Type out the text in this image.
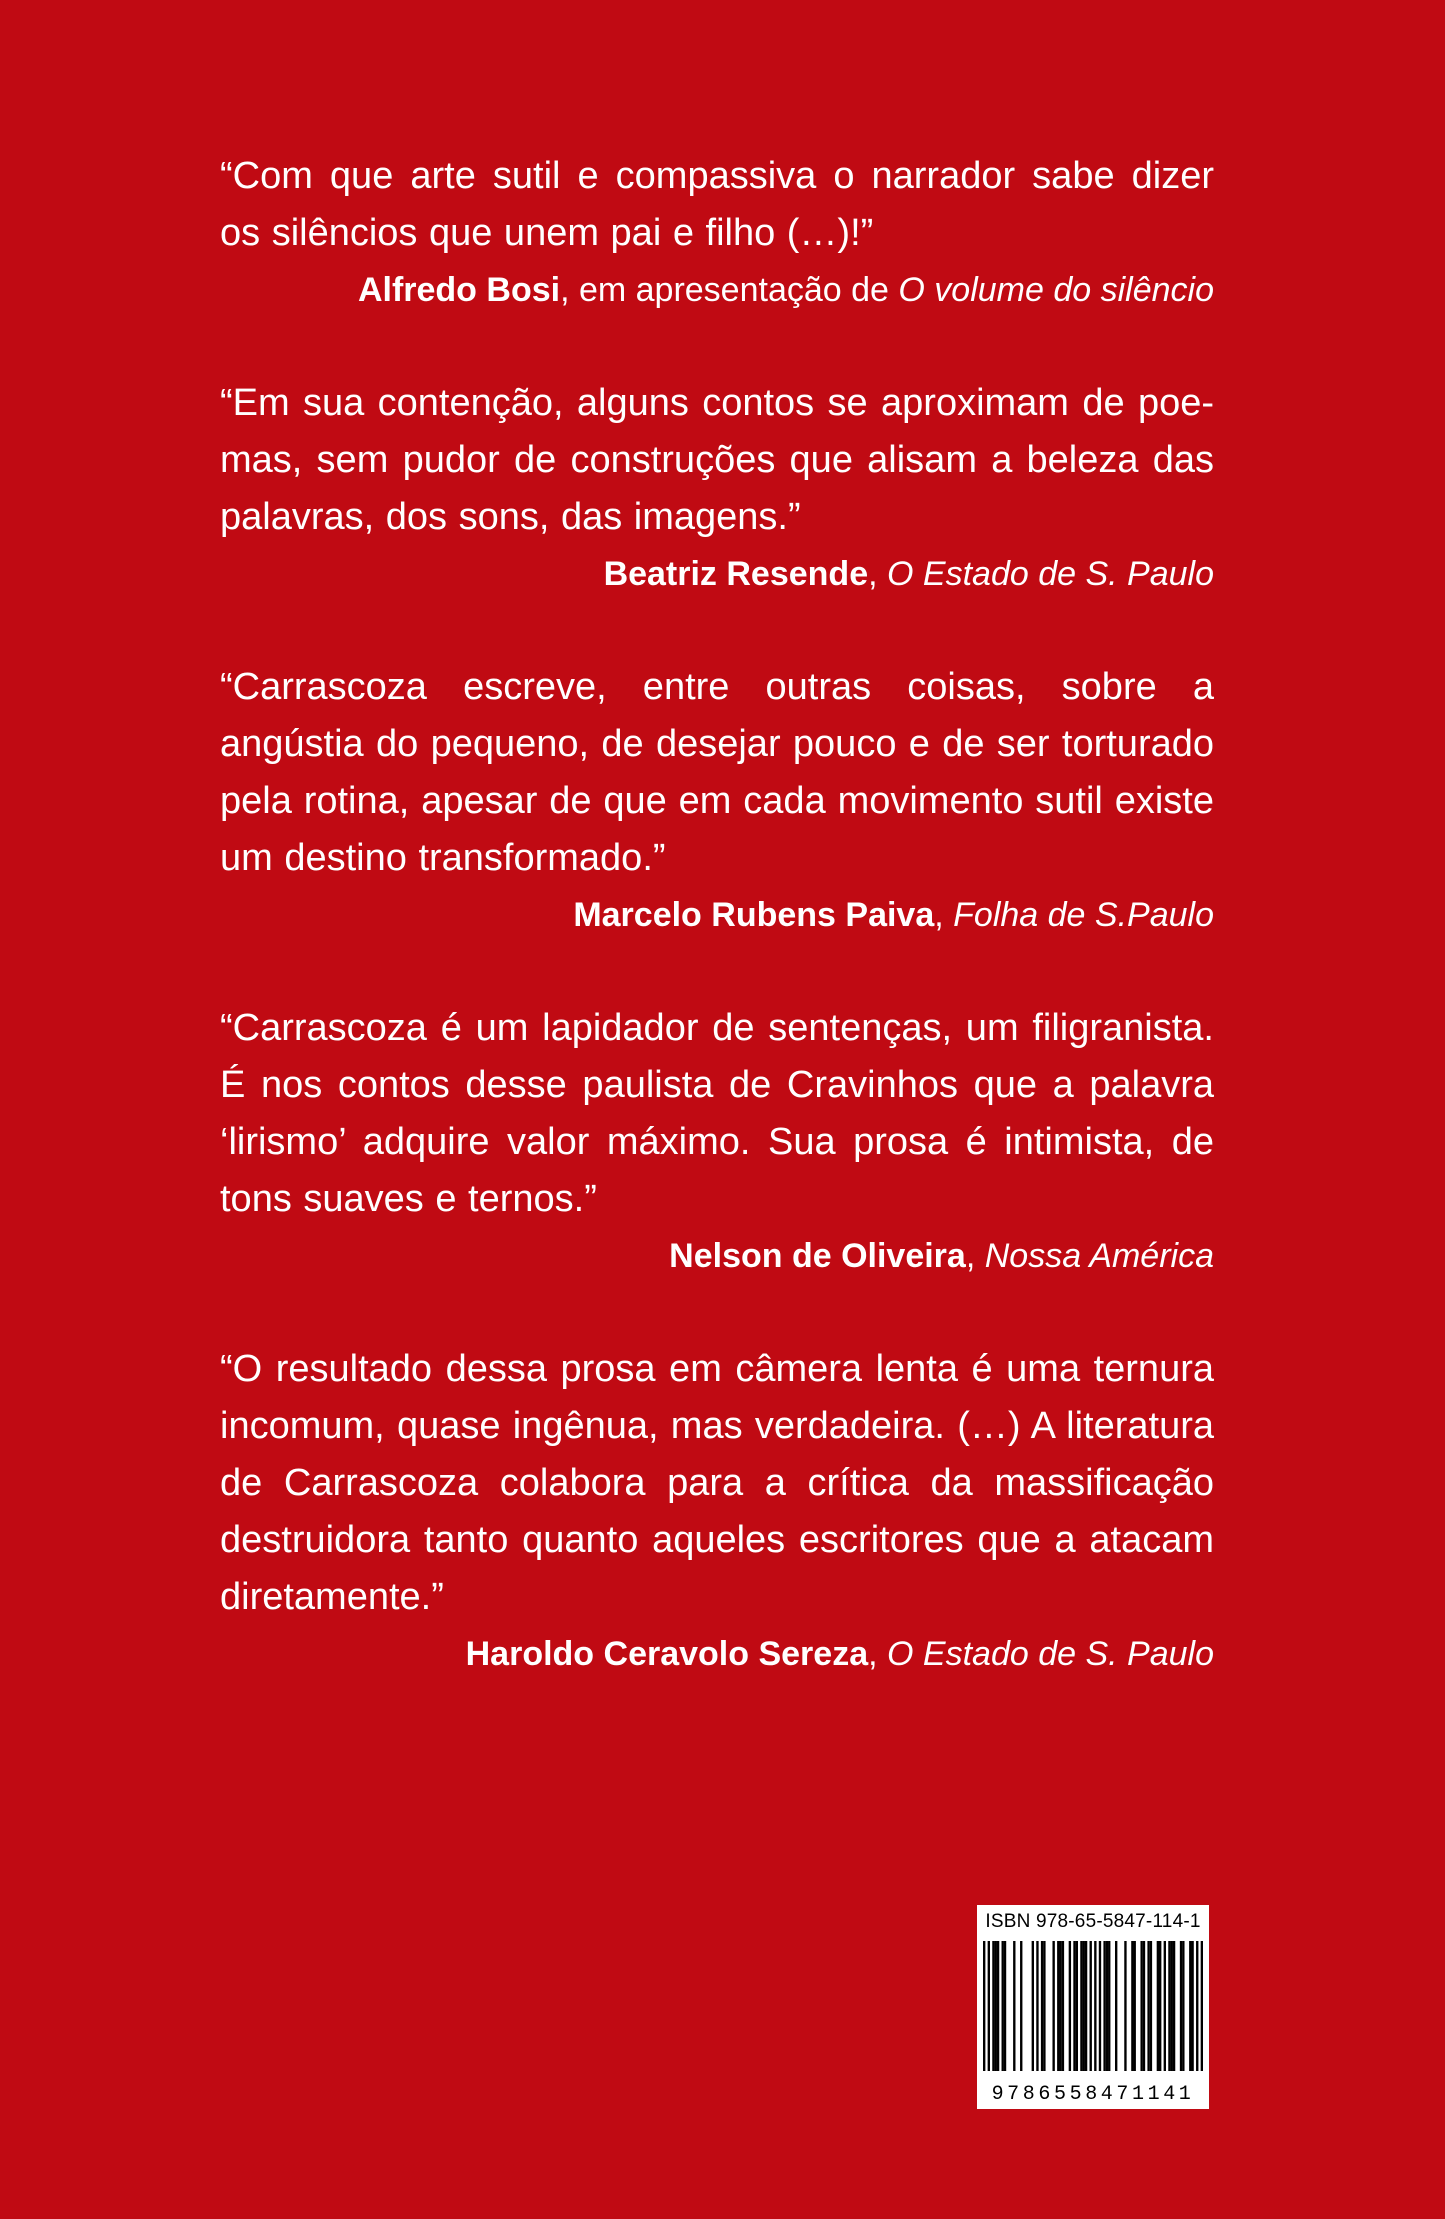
“Com que arte sutil e compassiva o narrador sabe dizer os silêncios que unem pai e filho (…)!”

Alfredo Bosi, em apresentação de O volume do silêncio

“Em sua contenção, alguns contos se aproximam de poemas, sem pudor de construções que alisam a beleza das palavras, dos sons, das imagens.”

Beatriz Resende, O Estado de S. Paulo

“Carrascoza escreve, entre outras coisas, sobre a angústia do pequeno, de desejar pouco e de ser torturado pela rotina, apesar de que em cada movimento sutil existe um destino transformado.”

Marcelo Rubens Paiva, Folha de S.Paulo

“Carrascoza é um lapidador de sentenças, um filigranista. É nos contos desse paulista de Cravinhos que a palavra ‘lirismo’ adquire valor máximo. Sua prosa é intimista, de tons suaves e ternos.”

Nelson de Oliveira, Nossa América

“O resultado dessa prosa em câmera lenta é uma ternura incomum, quase ingênua, mas verdadeira. (…) A literatura de Carrascoza colabora para a crítica da massificação destruidora tanto quanto aqueles escritores que a atacam diretamente.”

Haroldo Ceravolo Sereza, O Estado de S. Paulo

ISBN 978-65-5847-114-1
9786558471141
